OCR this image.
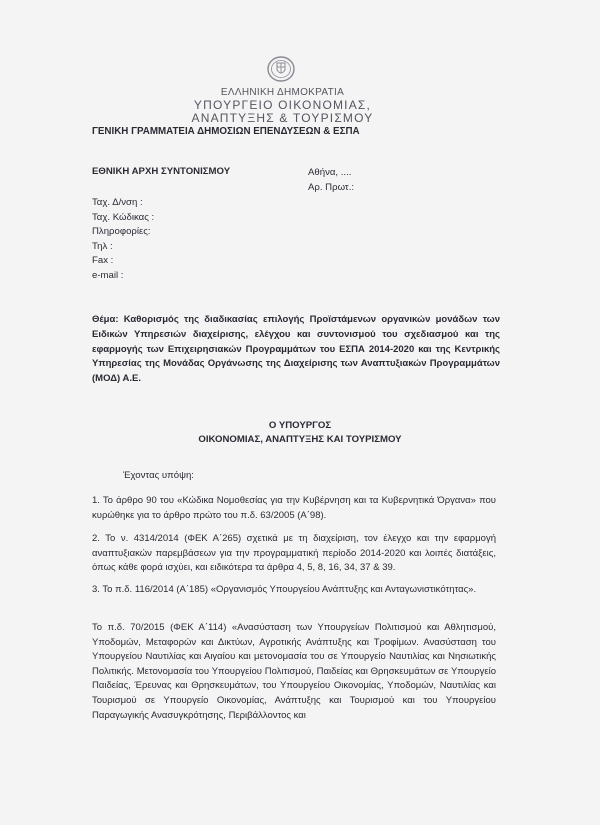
ΕΛΛΗΝΙΚΗ ΔΗΜΟΚΡΑΤΙΑ
ΥΠΟΥΡΓΕΙΟ ΟΙΚΟΝΟΜΙΑΣ,
ΑΝΑΠΤΥΞΗΣ & ΤΟΥΡΙΣΜΟΥ
ΓΕΝΙΚΗ ΓΡΑΜΜΑΤΕΙΑ ΔΗΜΟΣΙΩΝ ΕΠΕΝΔΥΣΕΩΝ & ΕΣΠΑ
ΕΘΝΙΚΗ ΑΡΧΗ ΣΥΝΤΟΝΙΣΜΟΥ	Αθήνα, ....
Αρ. Πρωτ.:
Ταχ. Δ/νση :
Ταχ. Κώδικας :
Πληροφορίες:
Τηλ :
Fax :
e-mail :
Θέμα: Καθορισμός της διαδικασίας επιλογής Προϊστάμενων οργανικών μονάδων των Ειδικών Υπηρεσιών διαχείρισης, ελέγχου και συντονισμού του σχεδιασμού και της εφαρμογής των Επιχειρησιακών Προγραμμάτων του ΕΣΠΑ 2014-2020 και της Κεντρικής Υπηρεσίας της Μονάδας Οργάνωσης της Διαχείρισης των Αναπτυξιακών Προγραμμάτων (ΜΟΔ) Α.Ε.
Ο ΥΠΟΥΡΓΟΣ
ΟΙΚΟΝΟΜΙΑΣ, ΑΝΑΠΤΥΞΗΣ ΚΑΙ ΤΟΥΡΙΣΜΟΥ
Έχοντας υπόψη:
1. Το άρθρο 90 του «Κώδικα Νομοθεσίας για την Κυβέρνηση και τα Κυβερνητικά Όργανα» που κυρώθηκε για το άρθρο πρώτο του π.δ. 63/2005 (Α΄98).
2. Το ν. 4314/2014 (ΦΕΚ Α΄265) σχετικά με τη διαχείριση, τον έλεγχο και την εφαρμογή αναπτυξιακών παρεμβάσεων για την προγραμματική περίοδο 2014-2020 και λοιπές διατάξεις, όπως κάθε φορά ισχύει, και ειδικότερα τα άρθρα 4, 5, 8, 16, 34, 37 & 39.
3. Το π.δ. 116/2014 (Α΄185) «Οργανισμός Υπουργείου Ανάπτυξης και Ανταγωνιστικότητας».
Το π.δ. 70/2015 (ΦΕΚ Α΄114) «Ανασύσταση των Υπουργείων Πολιτισμού και Αθλητισμού, Υποδομών, Μεταφορών και Δικτύων, Αγροτικής Ανάπτυξης και Τροφίμων. Ανασύσταση του Υπουργείου Ναυτιλίας και Αιγαίου και μετονομασία του σε Υπουργείο Ναυτιλίας και Νησιωτικής Πολιτικής. Μετονομασία του Υπουργείου Πολιτισμού, Παιδείας και Θρησκευμάτων σε Υπουργείο Παιδείας, Έρευνας και Θρησκευμάτων, του Υπουργείου Οικονομίας, Υποδομών, Ναυτιλίας και Τουρισμού σε Υπουργείο Οικονομίας, Ανάπτυξης και Τουρισμού και του Υπουργείου Παραγωγικής Ανασυγκρότησης, Περιβάλλοντος και
